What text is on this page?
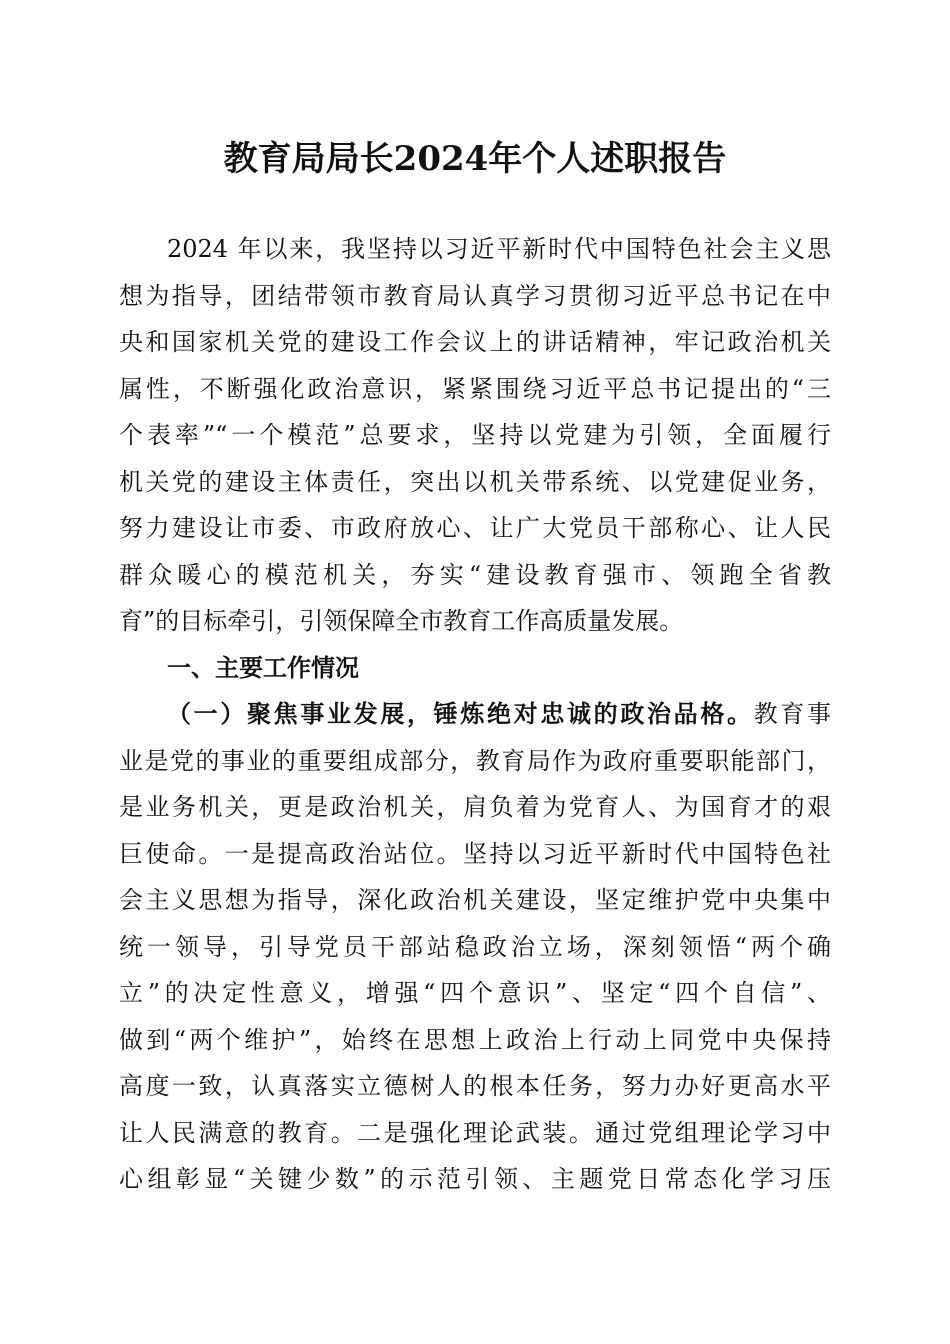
教育局局长2024年个人述职报告
2024 年以来，我坚持以习近平新时代中国特色社会主义思
想为指导，团结带领市教育局认真学习贯彻习近平总书记在中
央和国家机关党的建设工作会议上的讲话精神，牢记政治机关
属性，不断强化政治意识，紧紧围绕习近平总书记提出的“三
个表率”“一个模范”总要求，坚持以党建为引领，全面履行
机关党的建设主体责任，突出以机关带系统、以党建促业务，
努力建设让市委、市政府放心、让广大党员干部称心、让人民
群众暖心的模范机关，夯实“建设教育强市、领跑全省教
育”的目标牵引，引领保障全市教育工作高质量发展。
一、主要工作情况
（一）聚焦事业发展，锤炼绝对忠诚的政治品格。教育事
业是党的事业的重要组成部分，教育局作为政府重要职能部门，
是业务机关，更是政治机关，肩负着为党育人、为国育才的艰
巨使命。一是提高政治站位。坚持以习近平新时代中国特色社
会主义思想为指导，深化政治机关建设，坚定维护党中央集中
统一领导，引导党员干部站稳政治立场，深刻领悟“两个确
立”的决定性意义，增强“四个意识”、坚定“四个自信”、
做到“两个维护”，始终在思想上政治上行动上同党中央保持
高度一致，认真落实立德树人的根本任务，努力办好更高水平
让人民满意的教育。二是强化理论武装。通过党组理论学习中
心组彰显“关键少数”的示范引领、主题党日常态化学习压
